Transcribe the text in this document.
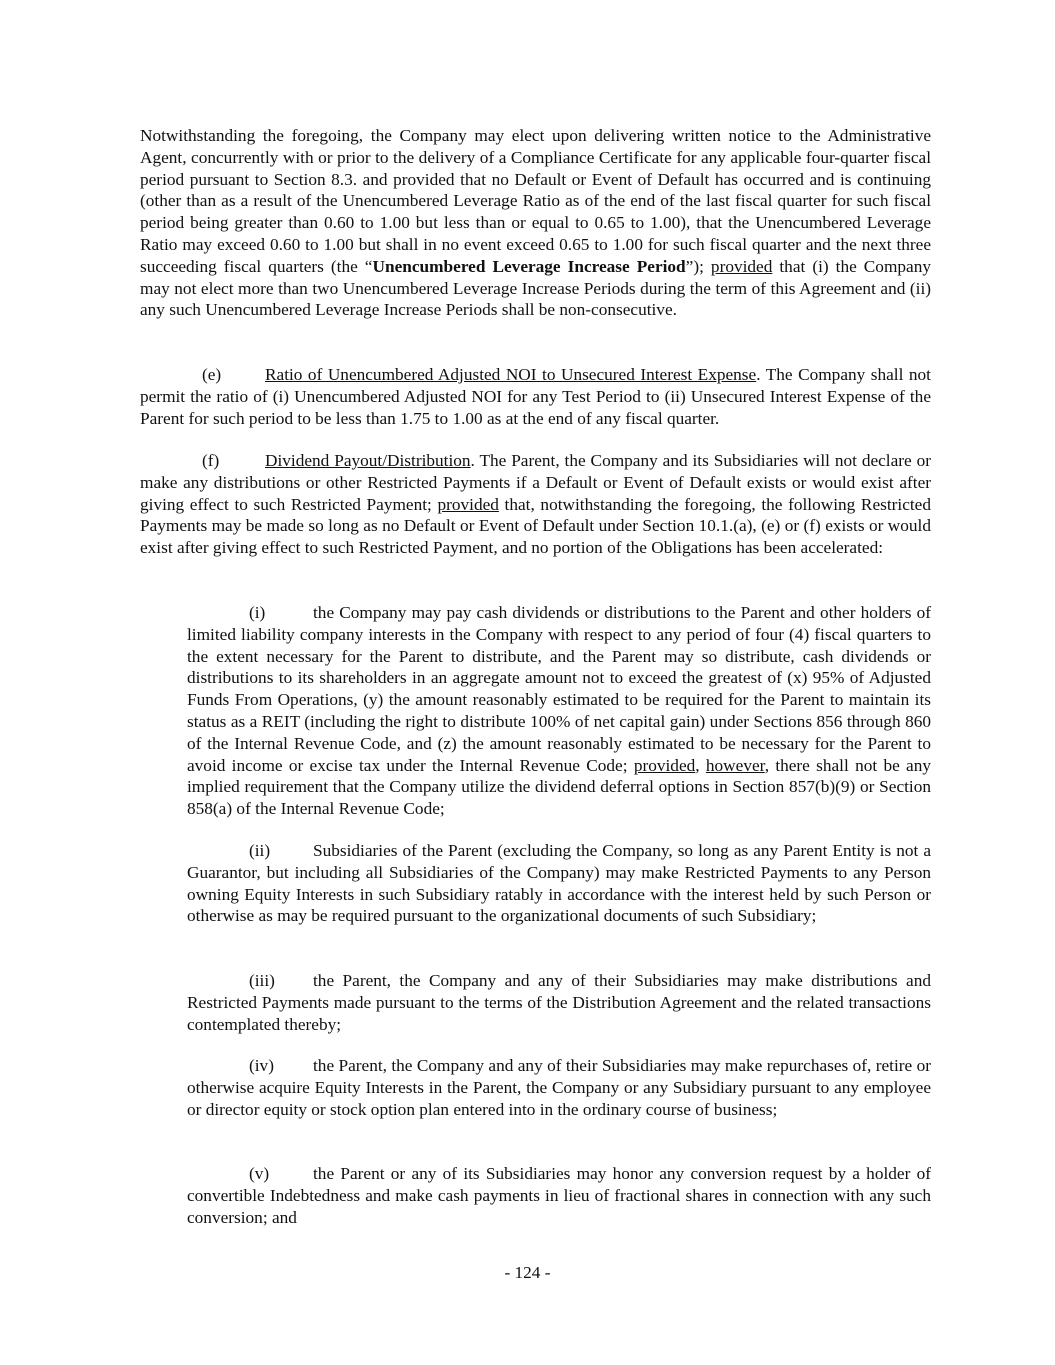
Notwithstanding the foregoing, the Company may elect upon delivering written notice to the Administrative Agent, concurrently with or prior to the delivery of a Compliance Certificate for any applicable four-quarter fiscal period pursuant to Section 8.3. and provided that no Default or Event of Default has occurred and is continuing (other than as a result of the Unencumbered Leverage Ratio as of the end of the last fiscal quarter for such fiscal period being greater than 0.60 to 1.00 but less than or equal to 0.65 to 1.00), that the Unencumbered Leverage Ratio may exceed 0.60 to 1.00 but shall in no event exceed 0.65 to 1.00 for such fiscal quarter and the next three succeeding fiscal quarters (the “Unencumbered Leverage Increase Period”); provided that (i) the Company may not elect more than two Unencumbered Leverage Increase Periods during the term of this Agreement and (ii) any such Unencumbered Leverage Increase Periods shall be non-consecutive.

(e)	Ratio of Unencumbered Adjusted NOI to Unsecured Interest Expense. The Company shall not permit the ratio of (i) Unencumbered Adjusted NOI for any Test Period to (ii) Unsecured Interest Expense of the Parent for such period to be less than 1.75 to 1.00 as at the end of any fiscal quarter.

(f)	Dividend Payout/Distribution. The Parent, the Company and its Subsidiaries will not declare or make any distributions or other Restricted Payments if a Default or Event of Default exists or would exist after giving effect to such Restricted Payment; provided that, notwithstanding the foregoing, the following Restricted Payments may be made so long as no Default or Event of Default under Section 10.1.(a), (e) or (f) exists or would exist after giving effect to such Restricted Payment, and no portion of the Obligations has been accelerated:

(i)	the Company may pay cash dividends or distributions to the Parent and other holders of limited liability company interests in the Company with respect to any period of four (4) fiscal quarters to the extent necessary for the Parent to distribute, and the Parent may so distribute, cash dividends or distributions to its shareholders in an aggregate amount not to exceed the greatest of (x) 95% of Adjusted Funds From Operations, (y) the amount reasonably estimated to be required for the Parent to maintain its status as a REIT (including the right to distribute 100% of net capital gain) under Sections 856 through 860 of the Internal Revenue Code, and (z) the amount reasonably estimated to be necessary for the Parent to avoid income or excise tax under the Internal Revenue Code; provided, however, there shall not be any implied requirement that the Company utilize the dividend deferral options in Section 857(b)(9) or Section 858(a) of the Internal Revenue Code;

(ii) Subsidiaries of the Parent (excluding the Company, so long as any Parent Entity is not a Guarantor, but including all Subsidiaries of the Company) may make Restricted Payments to any Person owning Equity Interests in such Subsidiary ratably in accordance with the interest held by such Person or otherwise as may be required pursuant to the organizational documents of such Subsidiary;

(iii) the Parent, the Company and any of their Subsidiaries may make distributions and Restricted Payments made pursuant to the terms of the Distribution Agreement and the related transactions contemplated thereby;

(iv) the Parent, the Company and any of their Subsidiaries may make repurchases of, retire or otherwise acquire Equity Interests in the Parent, the Company or any Subsidiary pursuant to any employee or director equity or stock option plan entered into in the ordinary course of business;

(v)	the Parent or any of its Subsidiaries may honor any conversion request by a holder of convertible Indebtedness and make cash payments in lieu of fractional shares in connection with any such conversion; and

- 124 -
